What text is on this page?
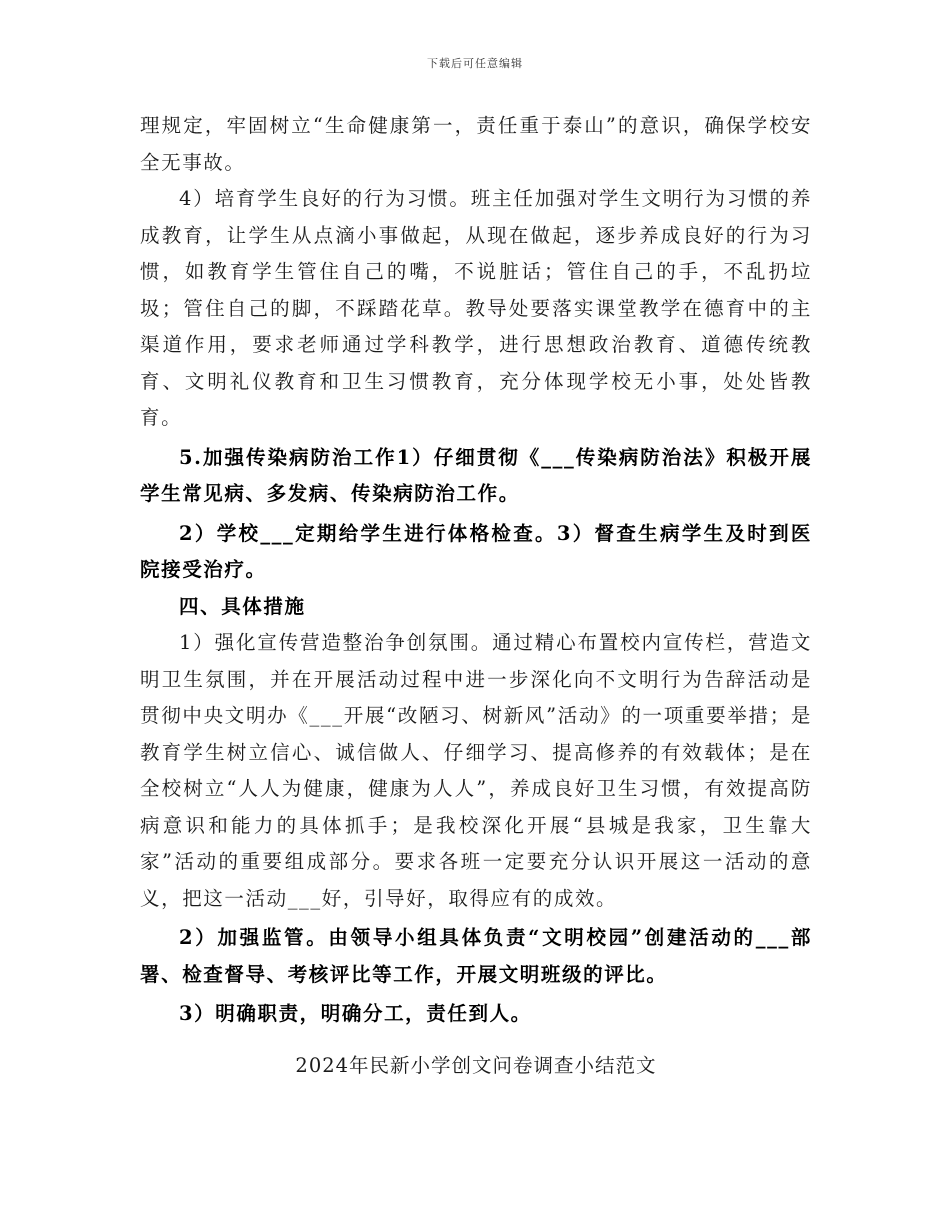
下载后可任意编辑

理规定，牢固树立“生命健康第一，责任重于泰山”的意识，确保学校安全无事故。

4）培育学生良好的行为习惯。班主任加强对学生文明行为习惯的养成教育，让学生从点滴小事做起，从现在做起，逐步养成良好的行为习惯，如教育学生管住自己的嘴，不说脏话；管住自己的手，不乱扔垃圾；管住自己的脚，不踩踏花草。教导处要落实课堂教学在德育中的主渠道作用，要求老师通过学科教学，进行思想政治教育、道德传统教育、文明礼仪教育和卫生习惯教育，充分体现学校无小事，处处皆教育。

5.加强传染病防治工作1）仔细贯彻《___传染病防治法》积极开展学生常见病、多发病、传染病防治工作。

2）学校___定期给学生进行体格检查。3）督查生病学生及时到医院接受治疗。

四、具体措施

1）强化宣传营造整治争创氛围。通过精心布置校内宣传栏，营造文明卫生氛围，并在开展活动过程中进一步深化向不文明行为告辞活动是贯彻中央文明办《___开展“改陋习、树新风”活动》的一项重要举措；是教育学生树立信心、诚信做人、仔细学习、提高修养的有效载体；是在全校树立“人人为健康，健康为人人”，养成良好卫生习惯，有效提高防病意识和能力的具体抓手；是我校深化开展“县城是我家，卫生靠大家”活动的重要组成部分。要求各班一定要充分认识开展这一活动的意义，把这一活动___好，引导好，取得应有的成效。

2）加强监管。由领导小组具体负责“文明校园”创建活动的___部署、检查督导、考核评比等工作，开展文明班级的评比。

3）明确职责，明确分工，责任到人。

2024年民新小学创文问卷调查小结范文
